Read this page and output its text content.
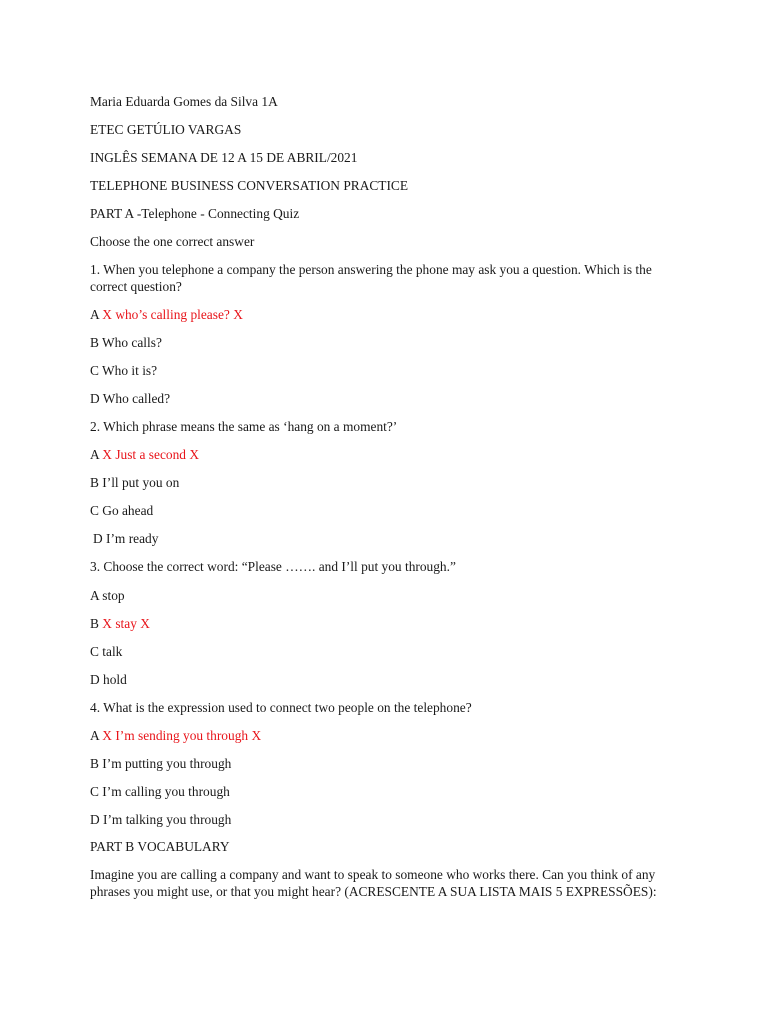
Maria Eduarda Gomes da Silva 1A
ETEC GETÚLIO VARGAS
INGLÊS SEMANA DE 12 A 15 DE ABRIL/2021
TELEPHONE BUSINESS CONVERSATION PRACTICE
PART A -Telephone - Connecting Quiz
Choose the one correct answer
1. When you telephone a company the person answering the phone may ask you a question. Which is the correct question?
A X who’s calling please? X
B Who calls?
C Who it is?
D Who called?
2. Which phrase means the same as ‘hang on a moment?’
A X Just a second X
B I’ll put you on
C Go ahead
D I’m ready
3. Choose the correct word: “Please ……. and I’ll put you through.”
A stop
B X stay X
C talk
D hold
4. What is the expression used to connect two people on the telephone?
A X I’m sending you through X
B I’m putting you through
C I’m calling you through
D I’m talking you through
PART B VOCABULARY
Imagine you are calling a company and want to speak to someone who works there. Can you think of any phrases you might use, or that you might hear? (ACRESCENTE A SUA LISTA MAIS 5 EXPRESSÕES):
